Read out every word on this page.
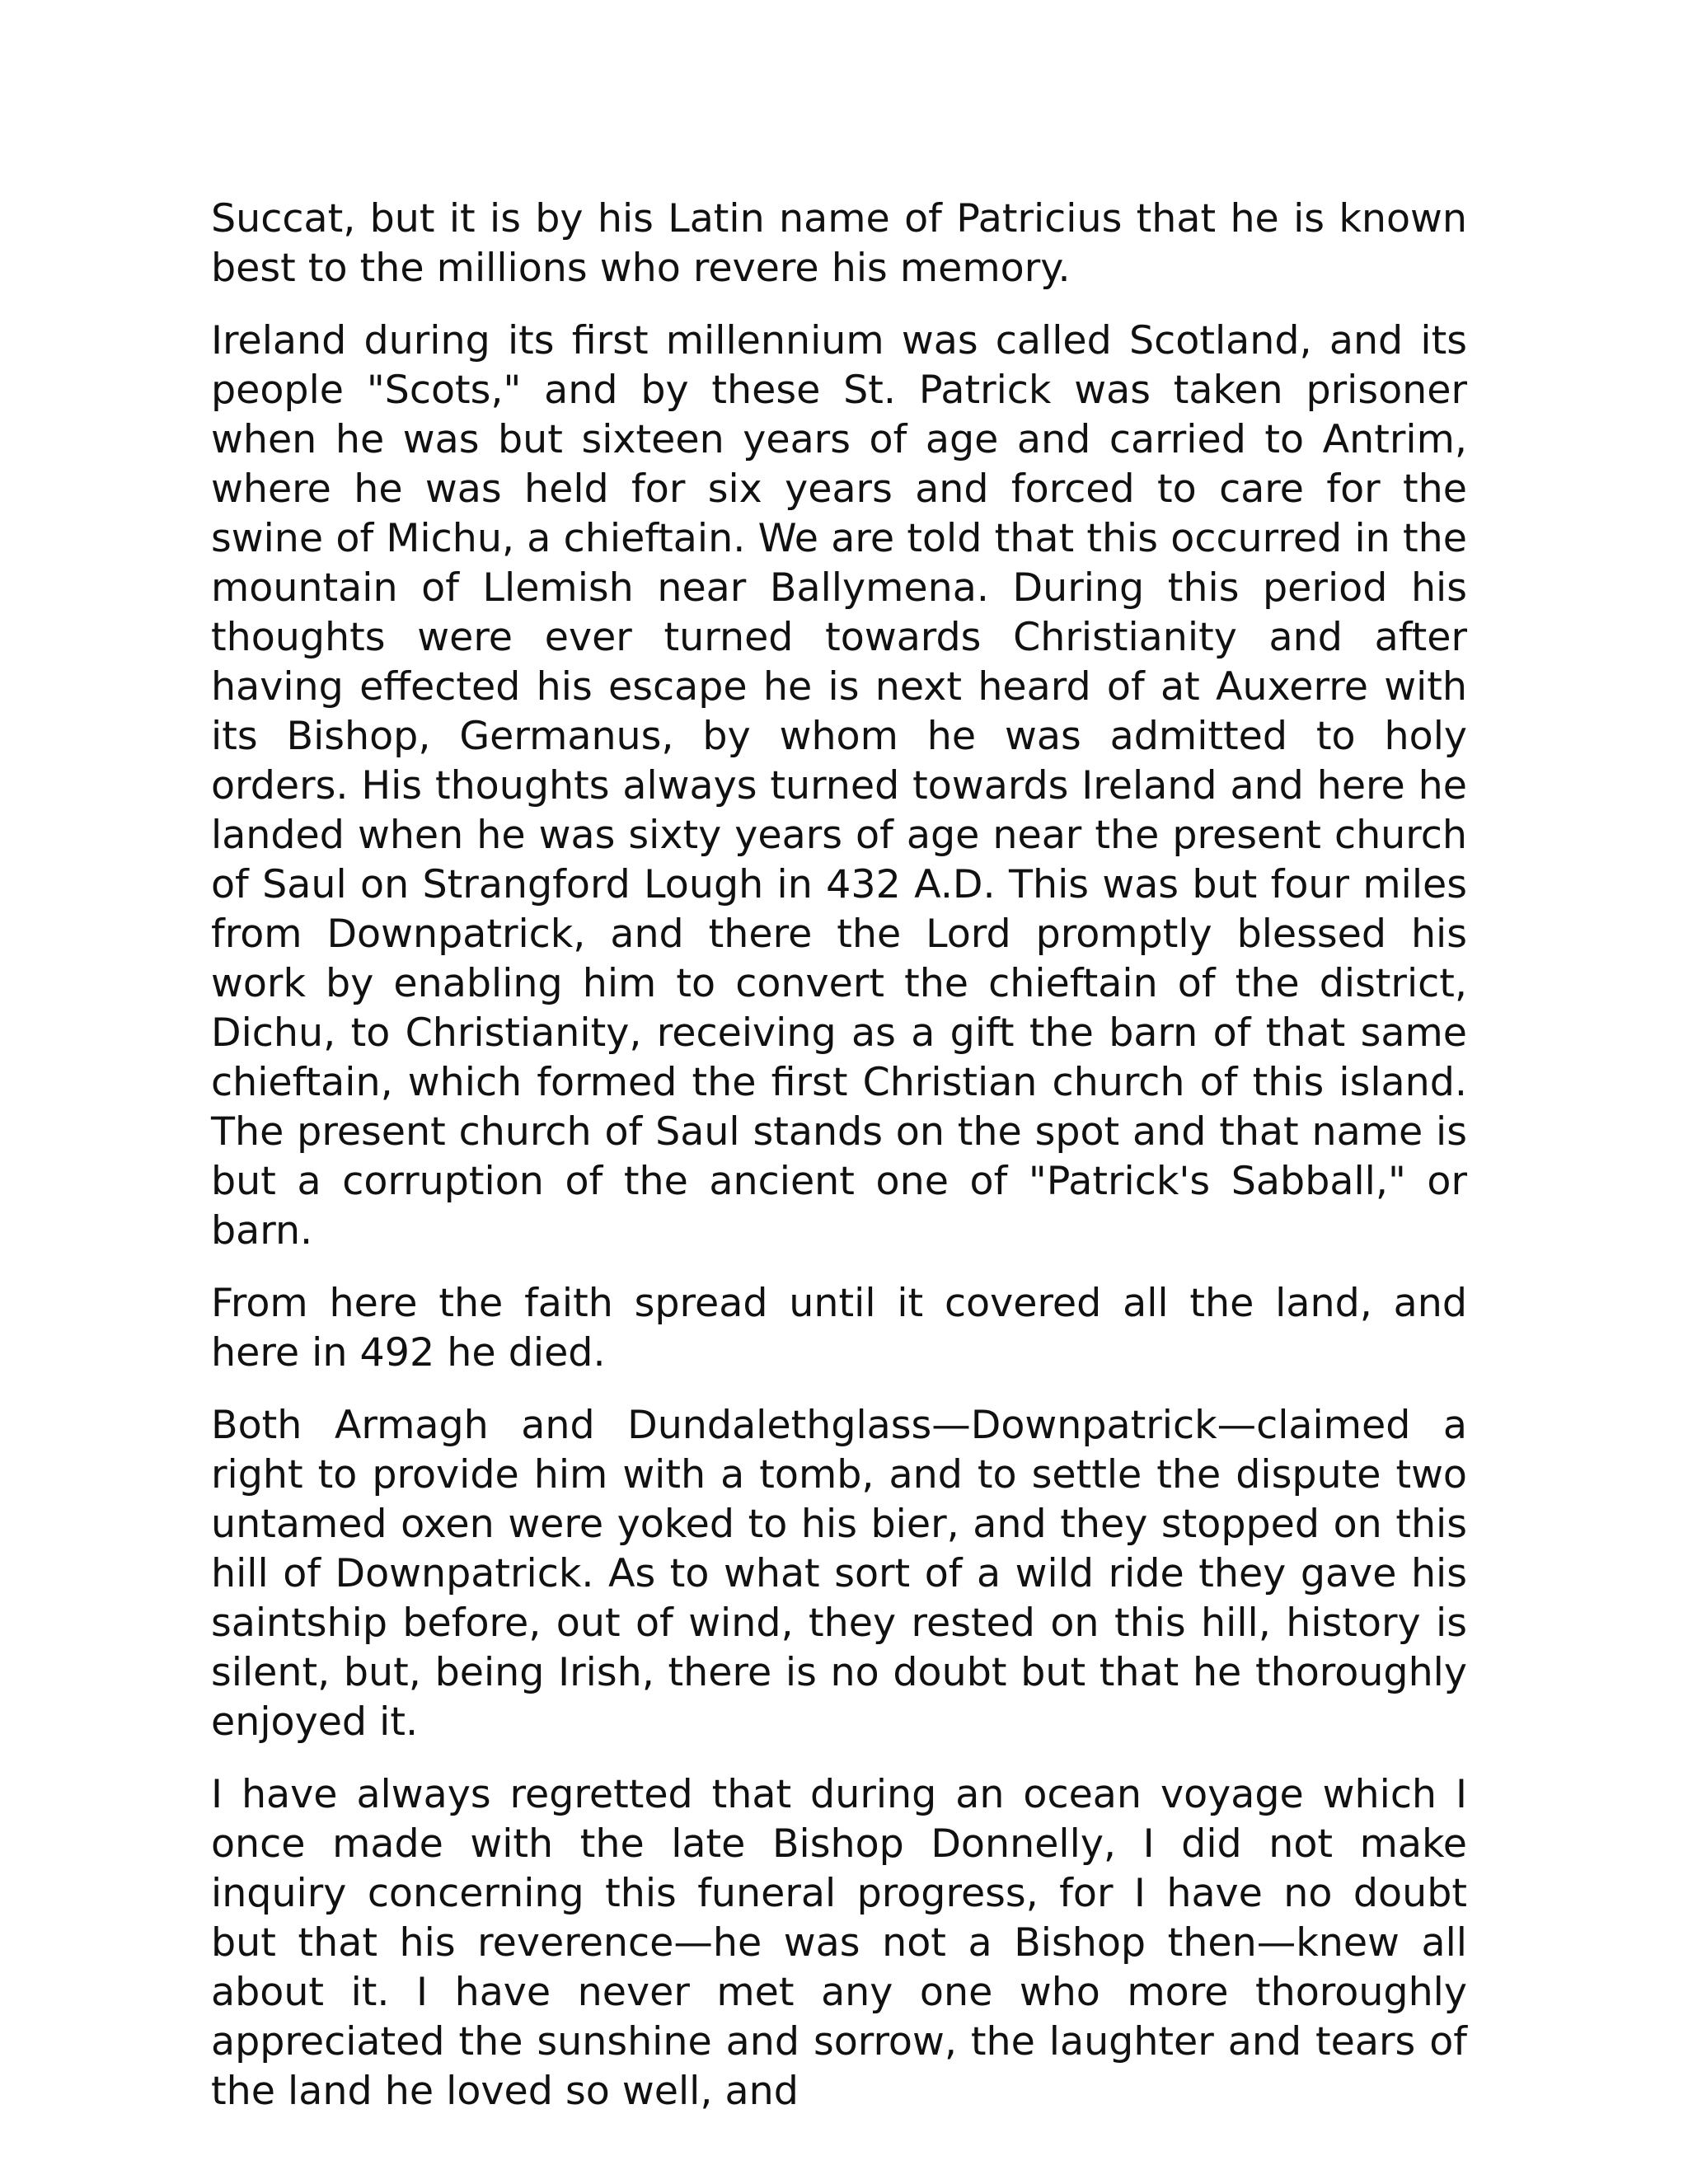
Succat, but it is by his Latin name of Patricius that he is known best to the millions who revere his memory.

Ireland during its first millennium was called Scotland, and its people "Scots," and by these St. Patrick was taken prisoner when he was but sixteen years of age and carried to Antrim, where he was held for six years and forced to care for the swine of Michu, a chieftain. We are told that this occurred in the mountain of Llemish near Ballymena. During this period his thoughts were ever turned towards Christianity and after having effected his escape he is next heard of at Auxerre with its Bishop, Germanus, by whom he was admitted to holy orders. His thoughts always turned towards Ireland and here he landed when he was sixty years of age near the present church of Saul on Strangford Lough in 432 A.D. This was but four miles from Downpatrick, and there the Lord promptly blessed his work by enabling him to convert the chieftain of the district, Dichu, to Christianity, receiving as a gift the barn of that same chieftain, which formed the first Christian church of this island. The present church of Saul stands on the spot and that name is but a corruption of the ancient one of "Patrick's Sabball," or barn.

From here the faith spread until it covered all the land, and here in 492 he died.

Both Armagh and Dundalethglass—Downpatrick—claimed a right to provide him with a tomb, and to settle the dispute two untamed oxen were yoked to his bier, and they stopped on this hill of Downpatrick. As to what sort of a wild ride they gave his saintship before, out of wind, they rested on this hill, history is silent, but, being Irish, there is no doubt but that he thoroughly enjoyed it.

I have always regretted that during an ocean voyage which I once made with the late Bishop Donnelly, I did not make inquiry concerning this funeral progress, for I have no doubt but that his reverence—he was not a Bishop then—knew all about it. I have never met any one who more thoroughly appreciated the sunshine and sorrow, the laughter and tears of the land he loved so well, and
